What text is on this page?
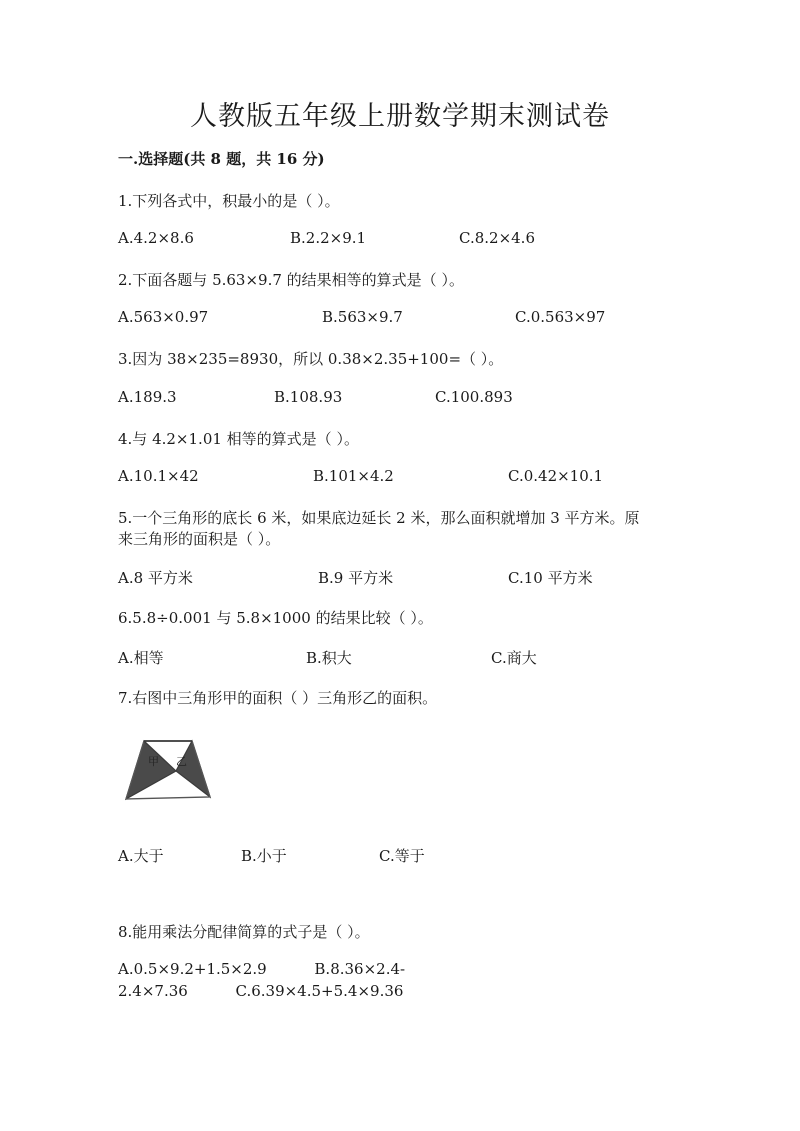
人教版五年级上册数学期末测试卷
一.选择题(共 8 题，共 16 分)
1.下列各式中，积最小的是（ ）。
A.4.2×8.6	B.2.2×9.1	C.8.2×4.6
2.下面各题与 5.63×9.7 的结果相等的算式是（ ）。
A.563×0.97	B.563×9.7	C.0.563×97
3.因为 38×235=8930，所以 0.38×2.35+100=（ ）。
A.189.3	B.108.93	C.100.893
4.与 4.2×1.01 相等的算式是（ ）。
A.10.1×42	B.101×4.2	C.0.42×10.1
5.一个三角形的底长 6 米，如果底边延长 2 米，那么面积就增加 3 平方米。原
来三角形的面积是（ ）。
A.8 平方米	B.9 平方米	C.10 平方米
6.5.8÷0.001 与 5.8×1000 的结果比较（ ）。
A.相等	B.积大	C.商大
7.右图中三角形甲的面积（ ）三角形乙的面积。
甲 乙
A.大于	B.小于	C.等于
8.能用乘法分配律简算的式子是（ ）。
A.0.5×9.2+1.5×2.9          B.8.36×2.4-
2.4×7.36          C.6.39×4.5+5.4×9.36
